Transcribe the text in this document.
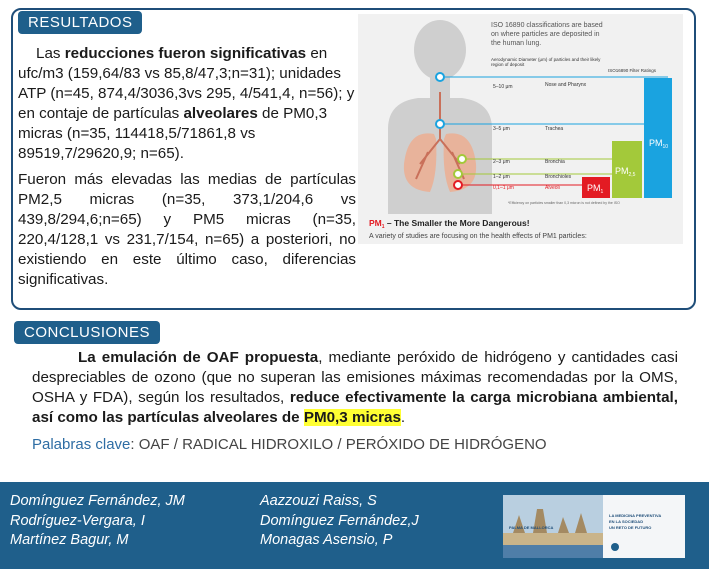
RESULTADOS

Las reducciones fueron significativas en ufc/m3 (159,64/83 vs 85,8/47,3;n=31); unidades ATP (n=45, 874,4/3036,3vs 295, 4/541,4, n=56); y en contaje de partículas alveolares de PM0,3 micras (n=35, 114418,5/71861,8 vs 89519,7/29620,9; n=65).

Fueron más elevadas las medias de partículas PM2,5 micras (n=35, 373,1/204,6 vs 439,8/294,6;n=65) y PM5 micras (n=35, 220,4/128,1 vs 231,7/154, n=65) a posteriori, no existiendo en este último caso, diferencias significativas.

ISO 16890 classifications are based
on where particles are deposited in
the human lung.
Aerodynamic Diameter (μm) of particles and their likely region of deposit
ISO16890 Filter Ratings
5–10 μm	Nose and Pharynx
3–5 μm	Trachea
2–3 μm	Bronchia
1–2 μm	Bronchioles
0,1–1 μm	Alveoli
$PM_{10}$
$PM_{2,5}$
$PM_1$
*Efficiency on particles smaller than 0,3 micron is not defined by the ISO
$PM_1$ – The Smaller the More Dangerous!
A variety of studies are focusing on the health effects of PM1 particles:
CONCLUSIONES
La emulación de OAF propuesta, mediante peróxido de hidrógeno y cantidades casi despreciables de ozono (que no superan las emisiones máximas recomendadas por la OMS, OSHA y FDA), según los resultados, reduce efectivamente la carga microbiana ambiental, así como las partículas alveolares de PM0,3 micras.
Palabras clave: OAF / RADICAL HIDROXILO / PERÓXIDO DE HIDRÓGENO
Domínguez Fernández, JM
Rodríguez-Vergara, I
Martínez Bagur, M
Aazzouzi Raiss, S
Domínguez Fernández,J
Monagas Asensio, P
PALMA DE MALLORCA
LA MEDICINA PREVENTIVA
EN LA SOCIEDAD
UN RETO DE FUTURO
